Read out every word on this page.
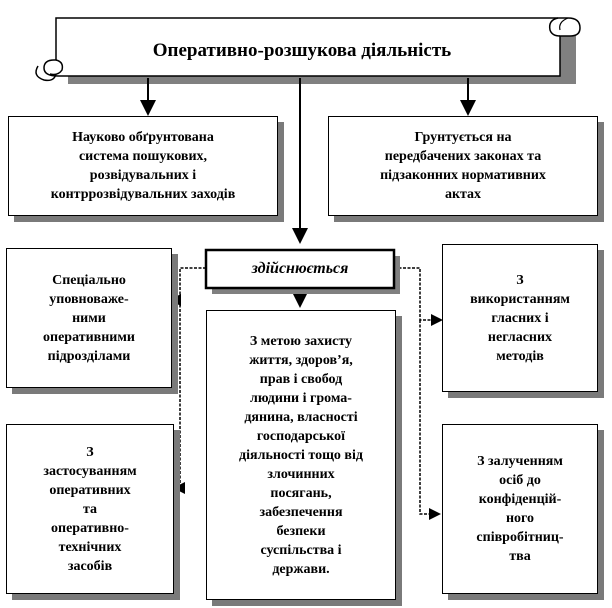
Оперативно-розшукова діяльність
Науково обґрунтована
система пошукових,
розвідувальних і
контррозвідувальних заходів
Грунтується на
передбачених законах та
підзаконних нормативних
актах
здійснюється
З метою захисту
життя, здоров’я,
прав і свобод
людини і грома-
дянина, власності
господарської
діяльності тощо від
злочинних
посягань,
забезпечення
безпеки
суспільства і
держави.
Спеціально
уповноваже-
ними
оперативними
підрозділами
З
застосуванням
оперативних
та
оперативно-
технічних
засобів
З
використанням
гласних і
негласних
методів
З залученням
осіб до
конфіденцій-
ного
співробітниц-
тва
